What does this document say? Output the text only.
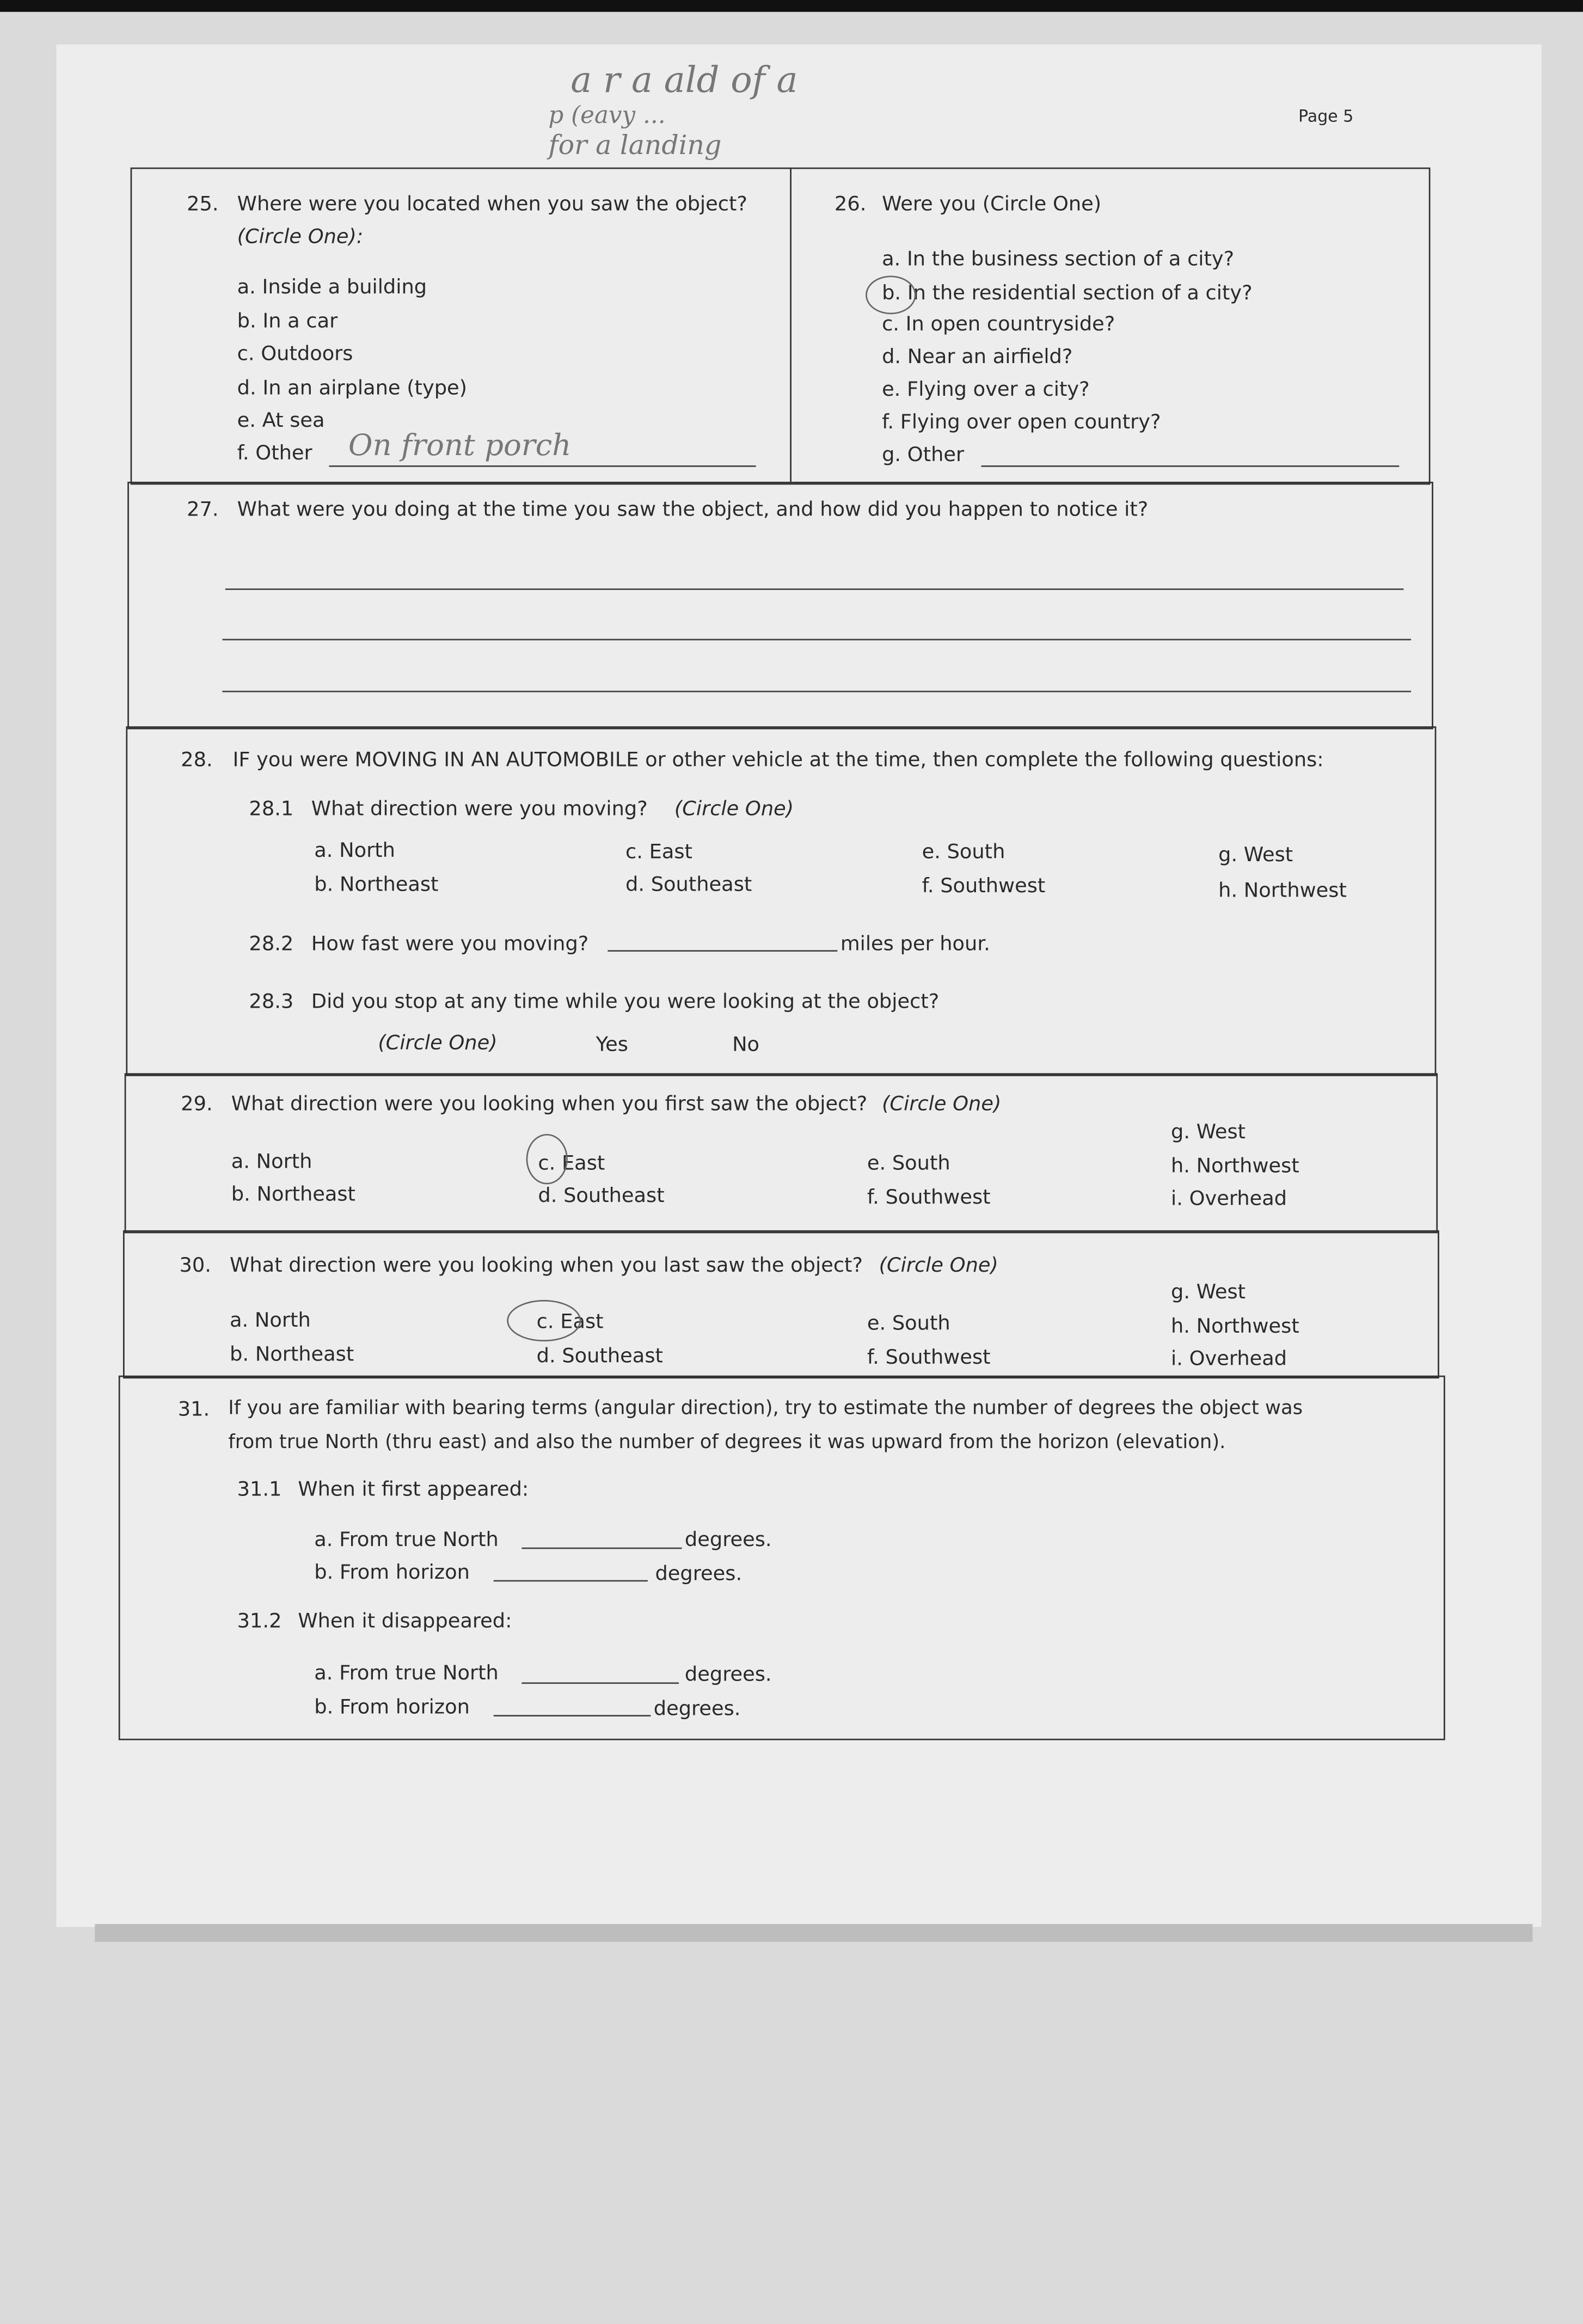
a r a ald of a
p (eavy ...
for a landing
Page 5
25.	Where were you located when you saw the object?
(Circle One):
a. Inside a building
b. In a car
c. Outdoors
d. In an airplane (type)
e. At sea
f. Other	On front porch
26. Were you (Circle One)
a. In the business section of a city?
b. In the residential section of a city?
c. In open countryside?
d. Near an airfield?
e. Flying over a city?
f. Flying over open country?
g. Other
27.	What were you doing at the time you saw the object, and how did you happen to notice it?
28.	IF you were MOVING IN AN AUTOMOBILE or other vehicle at the time, then complete the following questions:
28.1 What direction were you moving?	(Circle One)
a. North
b. Northeast
c. East
d. Southeast
e. South
f. Southwest
g. West
h. Northwest
28.2 How fast were you moving?	miles per hour.
28.3 Did you stop at any time while you were looking at the object?
(Circle One)	Yes	No
29.	What direction were you looking when you first saw the object? (Circle One)
a. North
b. Northeast
c. East
d. Southeast
e. South
f. Southwest
g. West
h. Northwest
i. Overhead
30.	What direction were you looking when you last saw the object? (Circle One)
a. North
b. Northeast
c. East
d. Southeast
e. South
f. Southwest
g. West
h. Northwest
i. Overhead
31.	If you are familiar with bearing terms (angular direction), try to estimate the number of degrees the object was
from true North (thru east) and also the number of degrees it was upward from the horizon (elevation).
31.1 When it first appeared:
a. From true North	degrees.
b. From horizon	degrees.
31.2 When it disappeared:
a. From true North	degrees.
b. From horizon	degrees.
